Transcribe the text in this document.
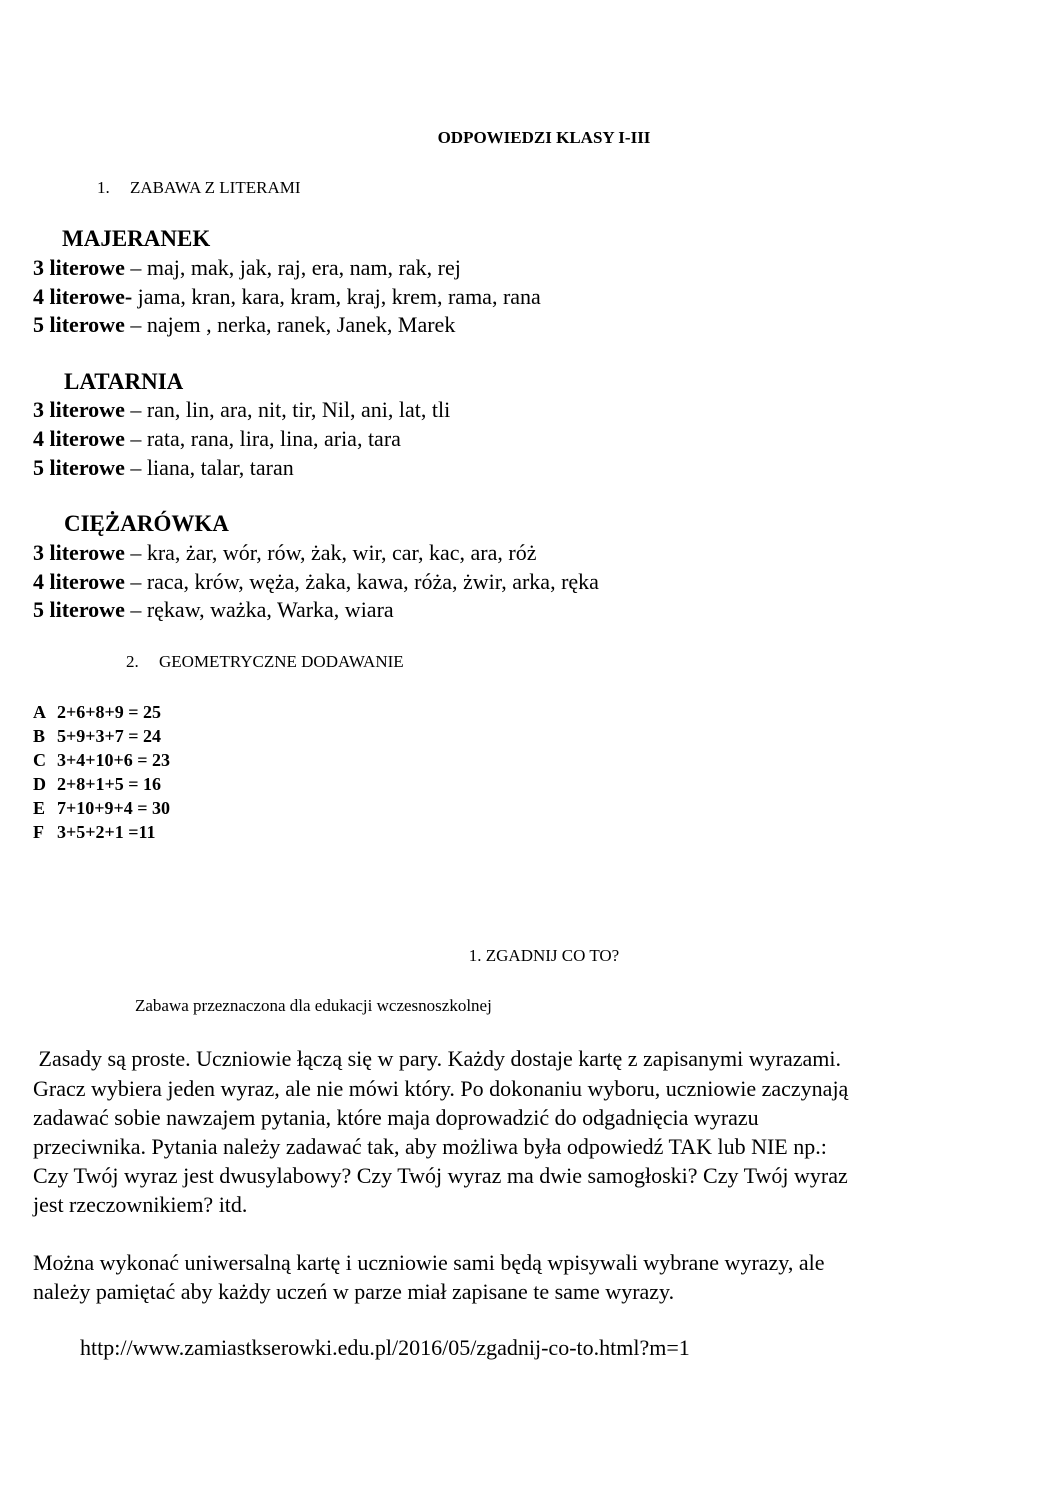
ODPOWIEDZI KLASY I-III
1. ZABAWA Z LITERAMI
MAJERANEK
3 literowe – maj, mak, jak, raj, era, nam, rak, rej
4 literowe- jama, kran, kara, kram, kraj, krem, rama, rana
5 literowe – najem , nerka, ranek, Janek, Marek
LATARNIA
3 literowe – ran, lin, ara, nit, tir, Nil, ani, lat, tli
4 literowe – rata, rana, lira, lina, aria, tara
5 literowe – liana, talar, taran
CIĘŻARÓWKA
3 literowe – kra, żar, wór, rów, żak, wir, car, kac, ara, róż
4 literowe – raca, krów, węża, żaka, kawa, róża, żwir, arka, ręka
5 literowe – rękaw, ważka, Warka, wiara
2. GEOMETRYCZNE DODAWANIE
A 2+6+8+9 = 25
B 5+9+3+7 = 24
C 3+4+10+6 = 23
D 2+8+1+5 = 16
E 7+10+9+4 = 30
F 3+5+2+1 =11
1. ZGADNIJ CO TO?
Zabawa przeznaczona dla edukacji wczesnoszkolnej
Zasady są proste. Uczniowie łączą się w pary. Każdy dostaje kartę z zapisanymi wyrazami.
Gracz wybiera jeden wyraz, ale nie mówi który. Po dokonaniu wyboru, uczniowie zaczynają
zadawać sobie nawzajem pytania, które maja doprowadzić do odgadnięcia wyrazu
przeciwnika. Pytania należy zadawać tak, aby możliwa była odpowiedź TAK lub NIE np.:
Czy Twój wyraz jest dwusylabowy? Czy Twój wyraz ma dwie samogłoski? Czy Twój wyraz
jest rzeczownikiem? itd.
Można wykonać uniwersalną kartę i uczniowie sami będą wpisywali wybrane wyrazy, ale
należy pamiętać aby każdy uczeń w parze miał zapisane te same wyrazy.
http://www.zamiastkserowki.edu.pl/2016/05/zgadnij-co-to.html?m=1
